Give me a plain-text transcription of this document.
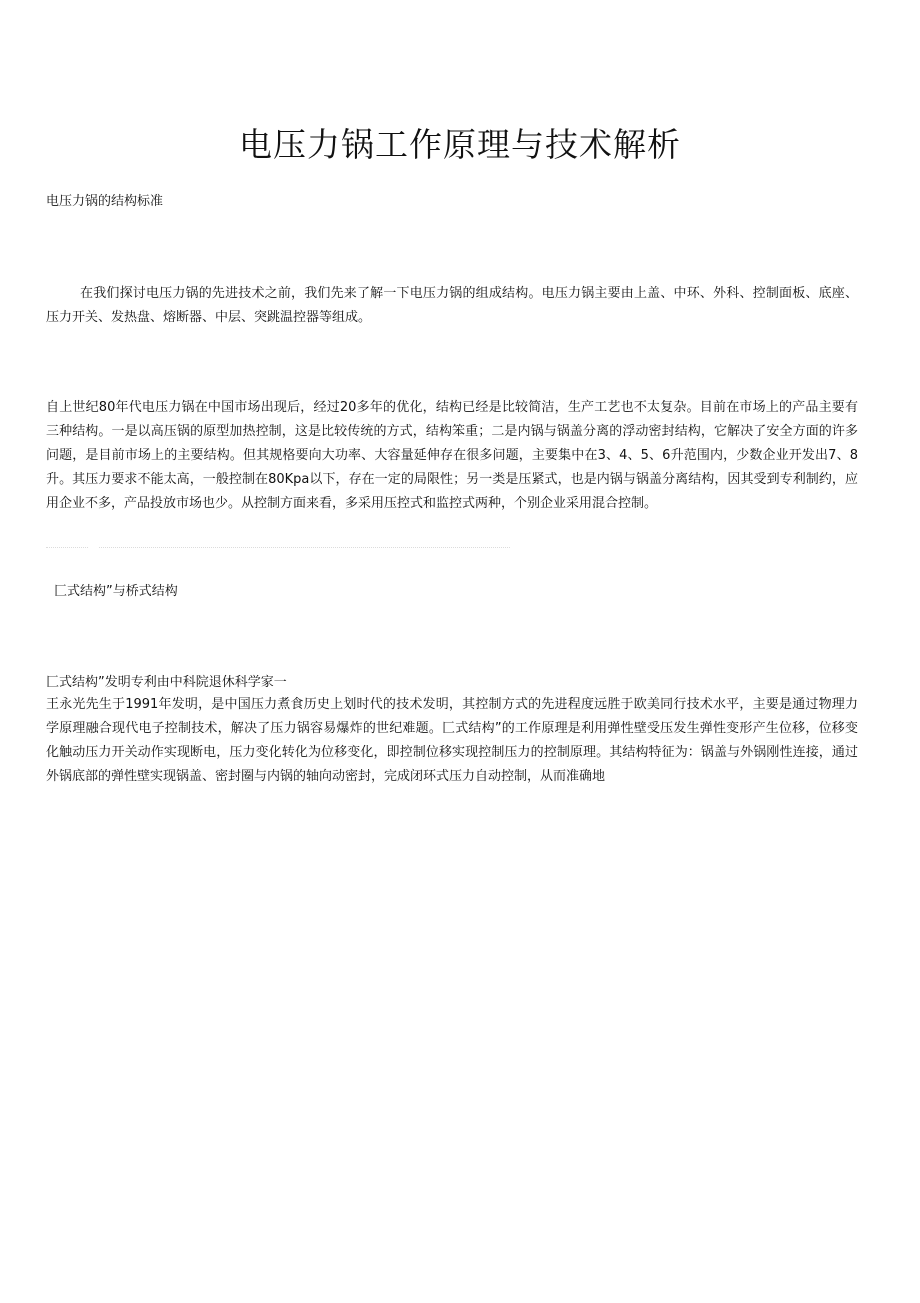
电压力锅工作原理与技术解析
电压力锅的结构标准

在我们探讨电压力锅的先进技术之前，我们先来了解一下电压力锅的组成结构。电压力锅主要由上盖、中环、外科、控制面板、底座、压力开关、发热盘、熔断器、中层、突跳温控器等组成。

自上世纪80年代电压力锅在中国市场出现后，经过20多年的优化，结构已经是比较简洁，生产工艺也不太复杂。目前在市场上的产品主要有三种结构。一是以高压锅的原型加热控制，这是比较传统的方式，结构笨重；二是内锅与锅盖分离的浮动密封结构，它解决了安全方面的许多问题，是目前市场上的主要结构。但其规格要向大功率、大容量延伸存在很多问题，主要集中在3、4、5、6升范围内，少数企业开发出7、8升。其压力要求不能太高，一般控制在80Kpa以下，存在一定的局限性；另一类是压紧式，也是内锅与锅盖分离结构，因其受到专利制约，应用企业不多，产品投放市场也少。从控制方面来看，多采用压控式和监控式两种，个别企业采用混合控制。

匚式结构”与桥式结构
匚式结构”发明专利由中科院退休科学家一

王永光先生于1991年发明，是中国压力煮食历史上划时代的技术发明，其控制方式的先进程度远胜于欧美同行技术水平，主要是通过物理力学原理融合现代电子控制技术，解决了压力锅容易爆炸的世纪难题。匚式结构”的工作原理是利用弹性壁受压发生弹性变形产生位移，位移变化触动压力开关动作实现断电，压力变化转化为位移变化，即控制位移实现控制压力的控制原理。其结构特征为：锅盖与外锅刚性连接，通过外锅底部的弹性壁实现锅盖、密封圈与内锅的轴向动密封，完成闭环式压力自动控制，从而准确地
